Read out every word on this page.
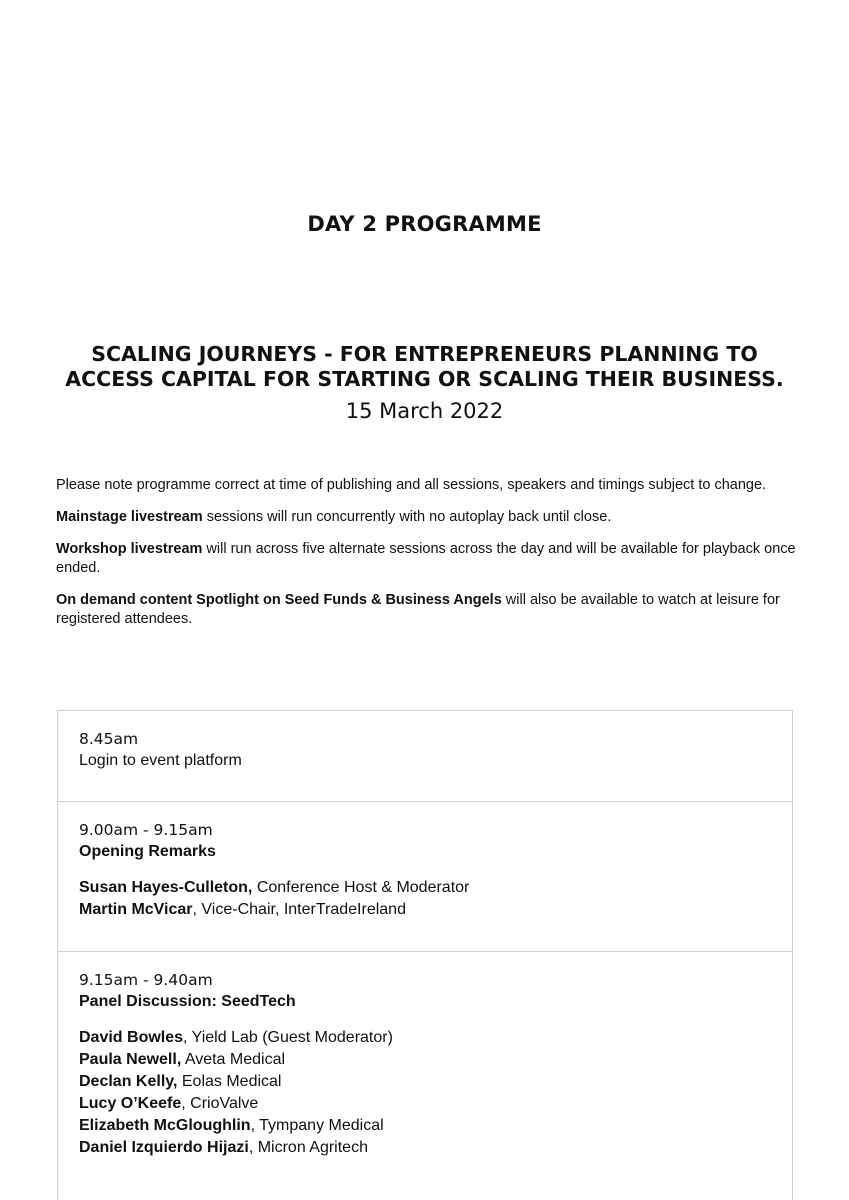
DAY 2 PROGRAMME
SCALING JOURNEYS - FOR ENTREPRENEURS PLANNING TO
ACCESS CAPITAL FOR STARTING OR SCALING THEIR BUSINESS.
15 March 2022

Please note programme correct at time of publishing and all sessions, speakers and timings subject to change.

Mainstage livestream sessions will run concurrently with no autoplay back until close.

Workshop livestream will run across five alternate sessions across the day and will be available for playback once ended.

On demand content Spotlight on Seed Funds & Business Angels will also be available to watch at leisure for registered attendees.

8.45am
Login to event platform
9.00am - 9.15am
Opening Remarks
Susan Hayes-Culleton, Conference Host & Moderator
Martin McVicar, Vice-Chair, InterTradeIreland
9.15am - 9.40am
Panel Discussion: SeedTech
David Bowles, Yield Lab (Guest Moderator)
Paula Newell, Aveta Medical
Declan Kelly, Eolas Medical
Lucy O’Keefe, CrioValve
Elizabeth McGloughlin, Tympany Medical
Daniel Izquierdo Hijazi, Micron Agritech
